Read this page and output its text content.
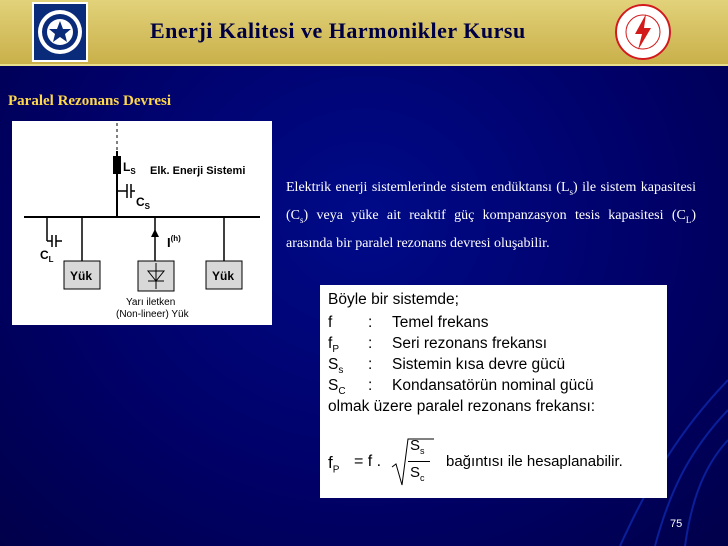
Enerji Kalitesi ve Harmonikler Kursu
Paralel Rezonans Devresi
$L_S$ Elk. Enerji Sistemi
$C_S$
$C_L$
Yük
$I^{(h)}$
Yarı iletken
(Non-lineer) Yük
Yük
Elektrik enerji sistemlerinde sistem endüktansı $(L_s)$ ile sistem kapasitesi $(C_s)$ veya yüke ait reaktif güç kompanzasyon tesis kapasitesi $(C_L)$ arasında bir paralel rezonans devresi oluşabilir.
Böyle bir sistemde;
f : Temel frekans
$f_P$ : Seri rezonans frekansı
$S_s$ : Sistemin kısa devre gücü
$S_C$ : Kondansatörün nominal gücü
olmak üzere paralel rezonans frekansı:
$f_P = f$ .
$S_s$
$S_c$
bağıntısı ile hesaplanabilir.
75
